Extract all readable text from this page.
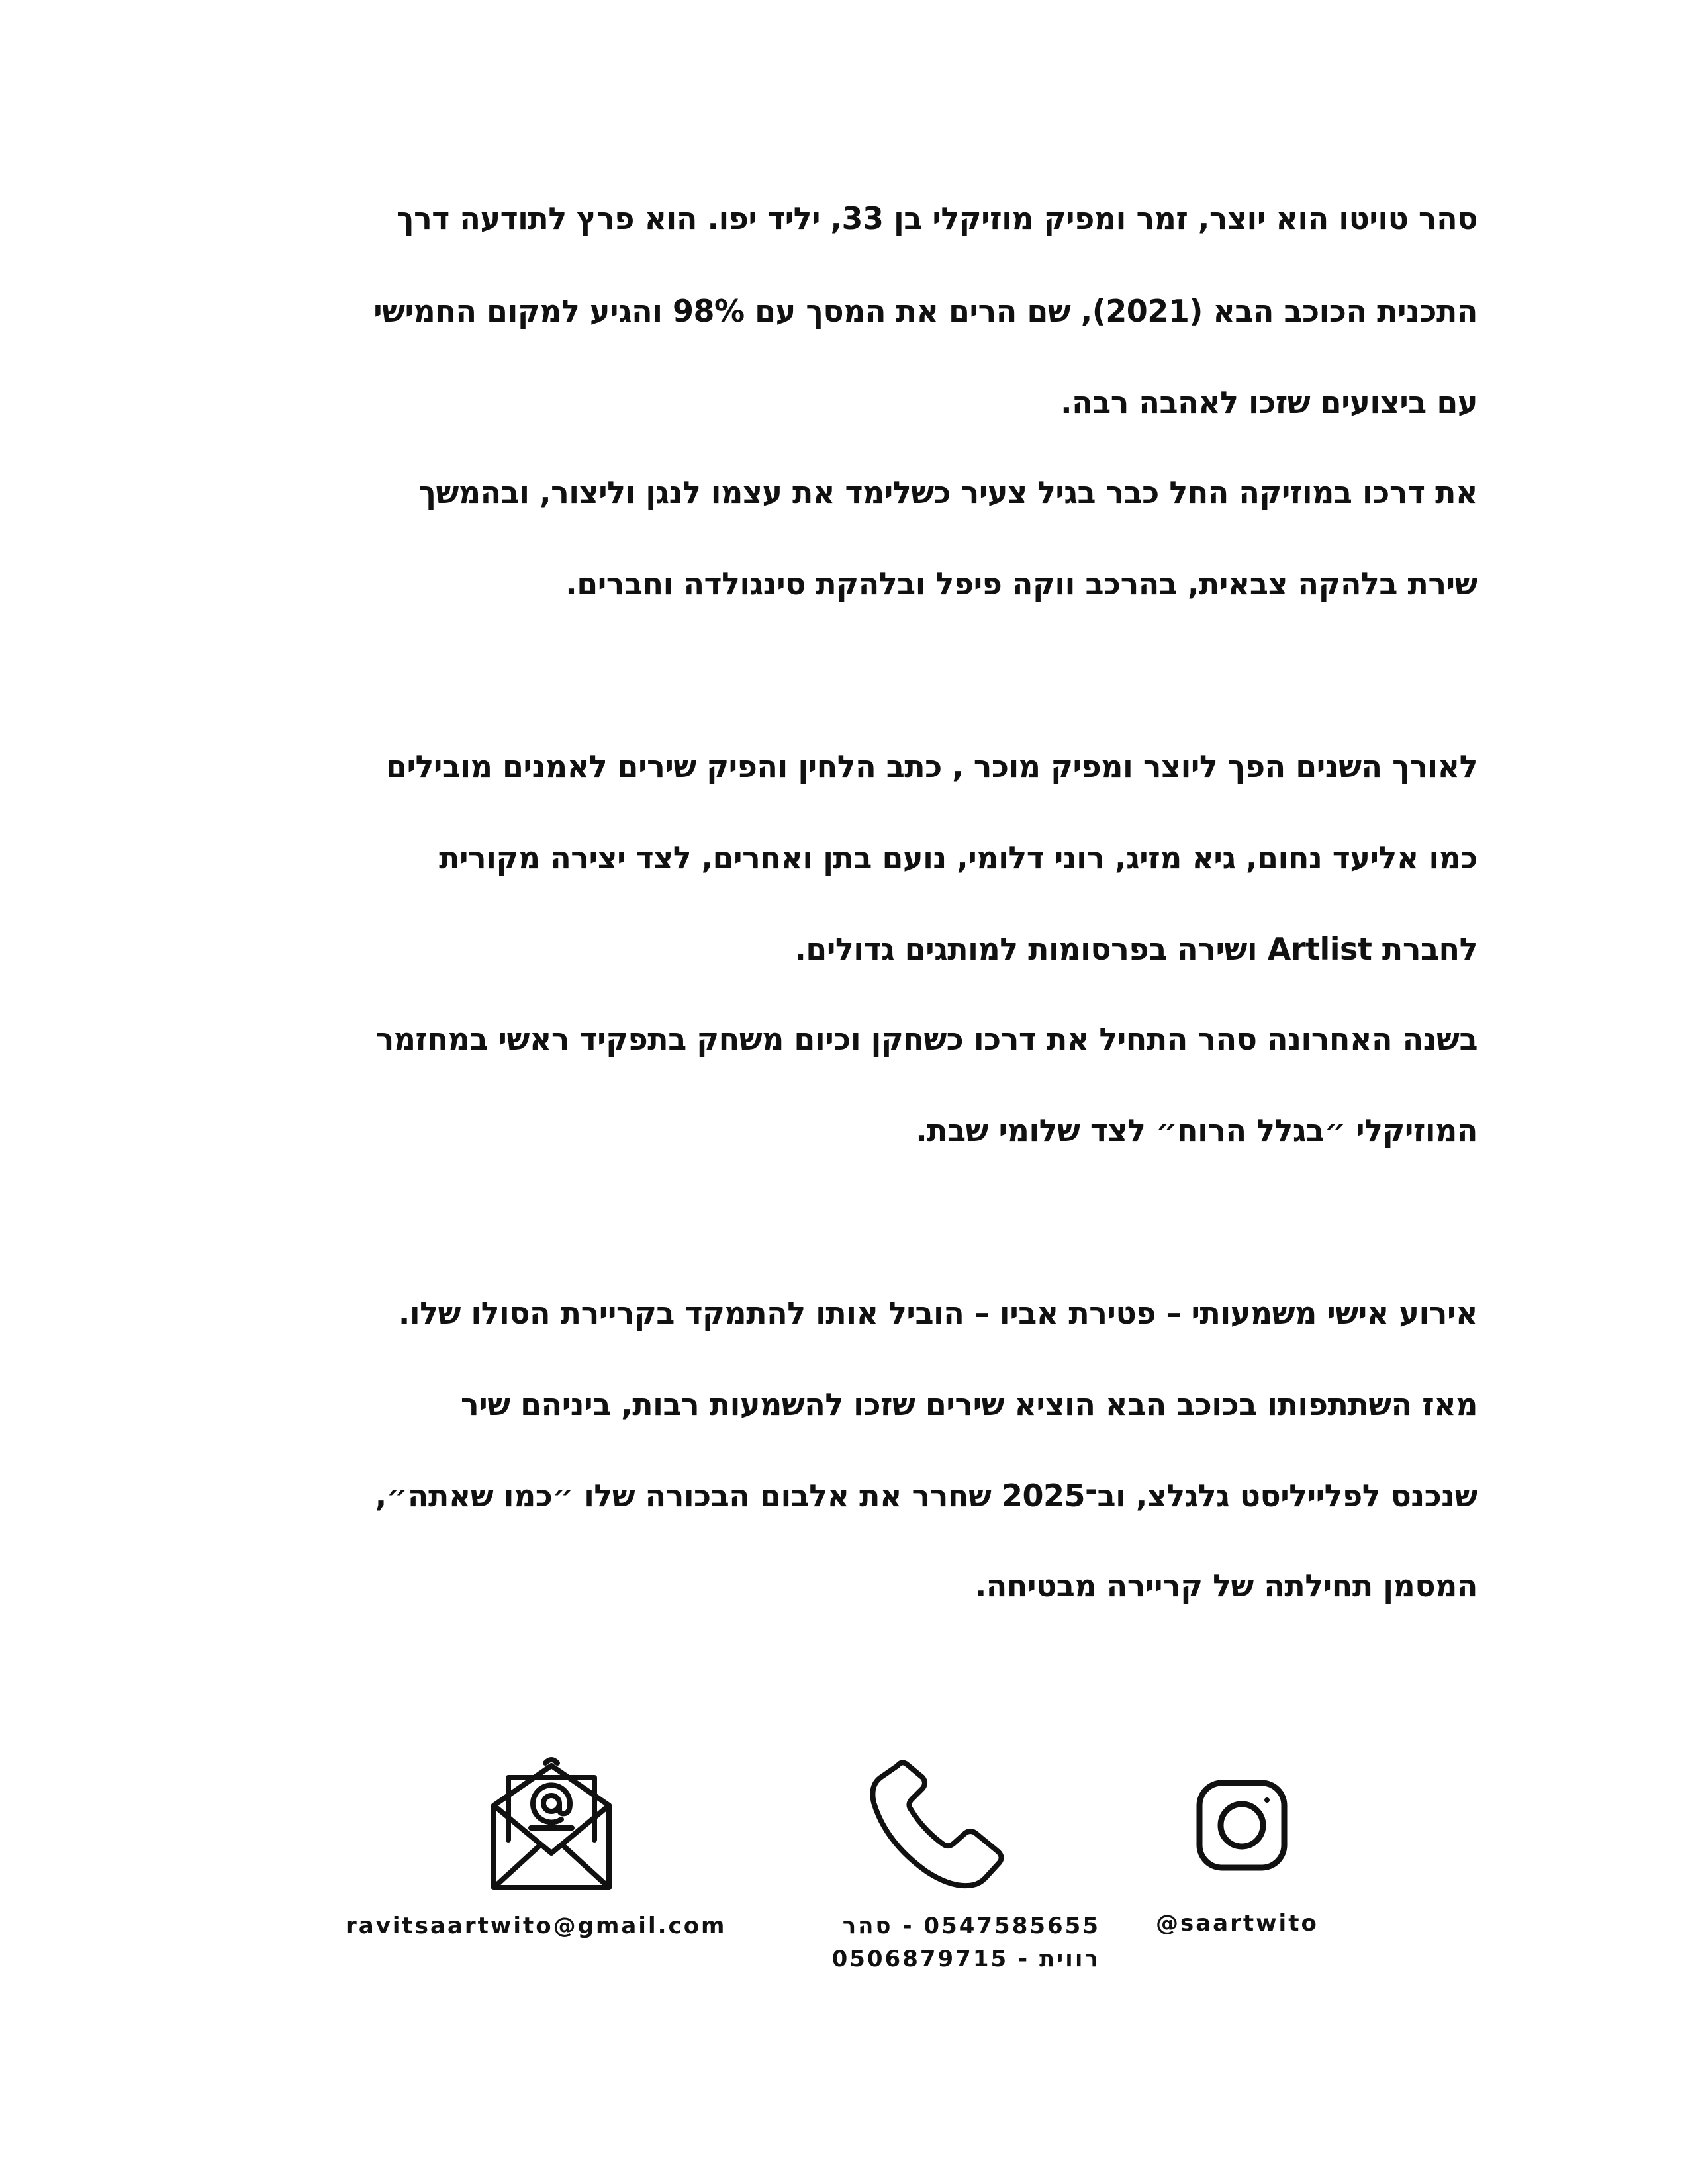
סהר טויטו הוא יוצר, זמר ומפיק מוזיקלי בן 33, יליד יפו. הוא פרץ לתודעה דרך
התכנית הכוכב הבא (2021), שם הרים את המסך עם 98% והגיע למקום החמישי
עם ביצועים שזכו לאהבה רבה.
את דרכו במוזיקה החל כבר בגיל צעיר כשלימד את עצמו לנגן וליצור, ובהמשך
שירת בלהקה צבאית, בהרכב ווקה פיפל ובלהקת סינגולדה וחברים.
לאורך השנים הפך ליוצר ומפיק מוכר , כתב הלחין והפיק שירים לאמנים מובילים
כמו אליעד נחום, גיא מזיג, רוני דלומי, נועם בתן ואחרים, לצד יצירה מקורית
לחברת Artlist ושירה בפרסומות למותגים גדולים.
בשנה האחרונה סהר התחיל את דרכו כשחקן וכיום משחק בתפקיד ראשי במחזמר
המוזיקלי ״בגלל הרוח״ לצד שלומי שבת.
אירוע אישי משמעותי – פטירת אביו – הוביל אותו להתמקד בקריירת הסולו שלו.
מאז השתתפותו בכוכב הבא הוציא שירים שזכו להשמעות רבות, ביניהם שיר
שנכנס לפלייליסט גלגלצ, וב־2025 שחרר את אלבום הבכורה שלו ״כמו שאתה״,
המסמן תחילתה של קריירה מבטיחה.
ravitsaartwito@gmail.com	0547585655 - סהר
רווית - 0506879715
@saartwito
